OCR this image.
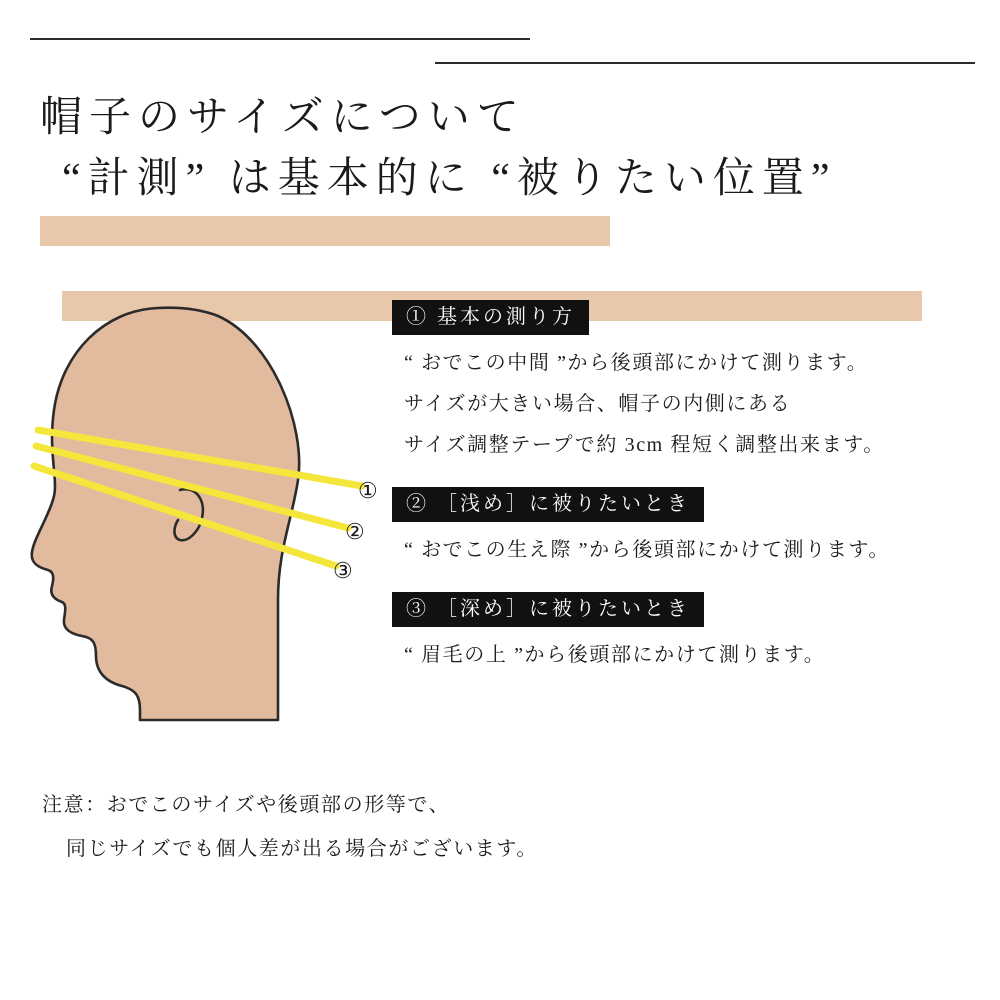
帽子のサイズについて
“計測” は基本的に “被りたい位置”
①
②
③
① 基本の測り方

“ おでこの中間 ”から後頭部にかけて測ります。

サイズが大きい場合、帽子の内側にある

サイズ調整テープで約 3cm 程短く調整出来ます。

② ［浅め］に被りたいとき

“ おでこの生え際 ”から後頭部にかけて測ります。

③ ［深め］に被りたいとき

“ 眉毛の上 ”から後頭部にかけて測ります。

注意：おでこのサイズや後頭部の形等で、

同じサイズでも個人差が出る場合がございます。
